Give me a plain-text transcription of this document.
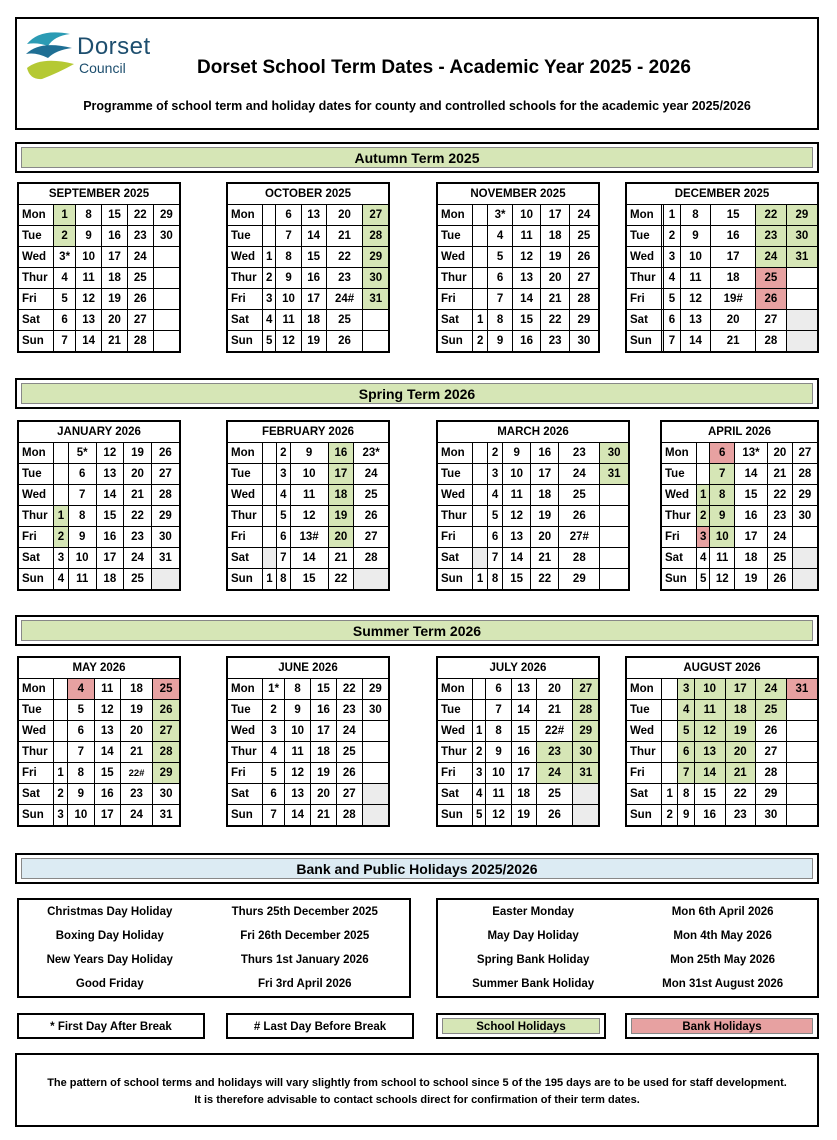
Dorset
Council	Dorset School Term Dates - Academic Year 2025 - 2026
Programme of school term and holiday dates for county and controlled schools for the academic year 2025/2026
Autumn Term 2025
Spring Term 2026
Summer Term 2026
SEPTEMBER 2025					
Mon	1	8	15	22	29
Tue	2	9	16	23	30
Wed	3*	10	17	24	
Thur	4	11	18	25	
Fri	5	12	19	26	
Sat	6	13	20	27	
Sun	7	14	21	28	
OCTOBER 2025					
Mon		6	13	20	27
Tue		7	14	21	28
Wed	1	8	15	22	29
Thur	2	9	16	23	30
Fri	3	10	17	24#	31
Sat	4	11	18	25	
Sun	5	12	19	26	
NOVEMBER 2025					
Mon		3*	10	17	24
Tue		4	11	18	25
Wed		5	12	19	26
Thur		6	13	20	27
Fri		7	14	21	28
Sat	1	8	15	22	29
Sun	2	9	16	23	30
DECEMBER 2025						
Mon		1	8	15	22	29
Tue		2	9	16	23	30
Wed		3	10	17	24	31
Thur		4	11	18	25	
Fri		5	12	19#	26	
Sat		6	13	20	27	
Sun		7	14	21	28	
JANUARY 2026					
Mon		5*	12	19	26
Tue		6	13	20	27
Wed		7	14	21	28
Thur	1	8	15	22	29
Fri	2	9	16	23	30
Sat	3	10	17	24	31
Sun	4	11	18	25	
FEBRUARY 2026					
Mon		2	9	16	23*
Tue		3	10	17	24
Wed		4	11	18	25
Thur		5	12	19	26
Fri		6	13#	20	27
Sat		7	14	21	28
Sun	1	8	15	22	
MARCH 2026						
Mon		2	9	16	23	30
Tue		3	10	17	24	31
Wed		4	11	18	25	
Thur		5	12	19	26	
Fri		6	13	20	27#	
Sat		7	14	21	28	
Sun	1	8	15	22	29	
APRIL 2026					
Mon		6	13*	20	27
Tue		7	14	21	28
Wed	1	8	15	22	29
Thur	2	9	16	23	30
Fri	3	10	17	24	
Sat	4	11	18	25	
Sun	5	12	19	26	
MAY 2026					
Mon		4	11	18	25
Tue		5	12	19	26
Wed		6	13	20	27
Thur		7	14	21	28
Fri	1	8	15	22#	29
Sat	2	9	16	23	30
Sun	3	10	17	24	31
JUNE 2026					
Mon	1*	8	15	22	29
Tue	2	9	16	23	30
Wed	3	10	17	24	
Thur	4	11	18	25	
Fri	5	12	19	26	
Sat	6	13	20	27	
Sun	7	14	21	28	
JULY 2026					
Mon		6	13	20	27
Tue		7	14	21	28
Wed	1	8	15	22#	29
Thur	2	9	16	23	30
Fri	3	10	17	24	31
Sat	4	11	18	25	
Sun	5	12	19	26	
AUGUST 2026						
Mon		3	10	17	24	31
Tue		4	11	18	25	
Wed		5	12	19	26	
Thur		6	13	20	27	
Fri		7	14	21	28	
Sat	1	8	15	22	29	
Sun	2	9	16	23	30	
Bank and Public Holidays 2025/2026
Christmas Day Holiday	Thurs 25th December 2025
Boxing Day Holiday	Fri 26th December 2025
New Years Day Holiday	Thurs 1st January 2026
Good Friday	Fri 3rd April 2026
Easter Monday	Mon 6th April 2026
May Day Holiday	Mon 4th May 2026
Spring Bank Holiday	Mon 25th May 2026
Summer Bank Holiday	Mon 31st August 2026
* First Day After Break	# Last Day Before Break	School Holidays	Bank Holidays
The pattern of school terms and holidays will vary slightly from school to school since 5 of the 195 days are to be used for staff development.
It is therefore advisable to contact schools direct for confirmation of their term dates.
